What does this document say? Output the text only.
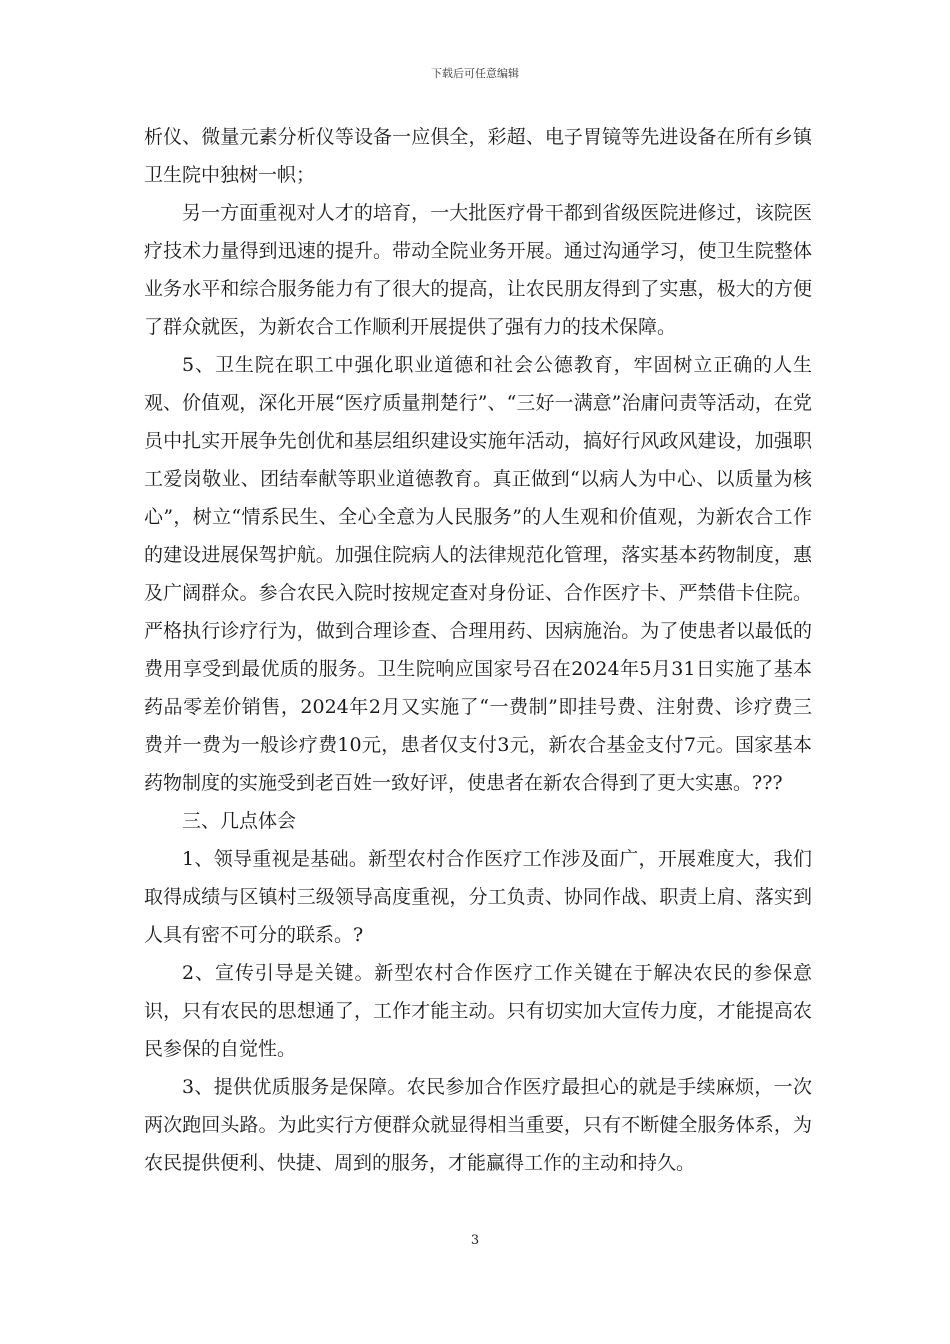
下载后可任意编辑

析仪、微量元素分析仪等设备一应俱全，彩超、电子胃镜等先进设备在所有乡镇卫生院中独树一帜；

另一方面重视对人才的培育，一大批医疗骨干都到省级医院进修过，该院医疗技术力量得到迅速的提升。带动全院业务开展。通过沟通学习，使卫生院整体业务水平和综合服务能力有了很大的提高，让农民朋友得到了实惠，极大的方便了群众就医，为新农合工作顺利开展提供了强有力的技术保障。

5、卫生院在职工中强化职业道德和社会公德教育，牢固树立正确的人生观、价值观，深化开展“医疗质量荆楚行”、“三好一满意”治庸问责等活动，在党员中扎实开展争先创优和基层组织建设实施年活动，搞好行风政风建设，加强职工爱岗敬业、团结奉献等职业道德教育。真正做到“以病人为中心、以质量为核心”，树立“情系民生、全心全意为人民服务”的人生观和价值观，为新农合工作的建设进展保驾护航。加强住院病人的法律规范化管理，落实基本药物制度，惠及广阔群众。参合农民入院时按规定查对身份证、合作医疗卡、严禁借卡住院。严格执行诊疗行为，做到合理诊查、合理用药、因病施治。为了使患者以最低的费用享受到最优质的服务。卫生院响应国家号召在2024年5月31日实施了基本药品零差价销售，2024年2月又实施了“一费制”即挂号费、注射费、诊疗费三费并一费为一般诊疗费10元，患者仅支付3元，新农合基金支付7元。国家基本药物制度的实施受到老百姓一致好评，使患者在新农合得到了更大实惠。???

三、几点体会

1、领导重视是基础。新型农村合作医疗工作涉及面广，开展难度大，我们取得成绩与区镇村三级领导高度重视，分工负责、协同作战、职责上肩、落实到人具有密不可分的联系。?

2、宣传引导是关键。新型农村合作医疗工作关键在于解决农民的参保意识，只有农民的思想通了，工作才能主动。只有切实加大宣传力度，才能提高农民参保的自觉性。

3、提供优质服务是保障。农民参加合作医疗最担心的就是手续麻烦，一次两次跑回头路。为此实行方便群众就显得相当重要，只有不断健全服务体系，为农民提供便利、快捷、周到的服务，才能赢得工作的主动和持久。

3
